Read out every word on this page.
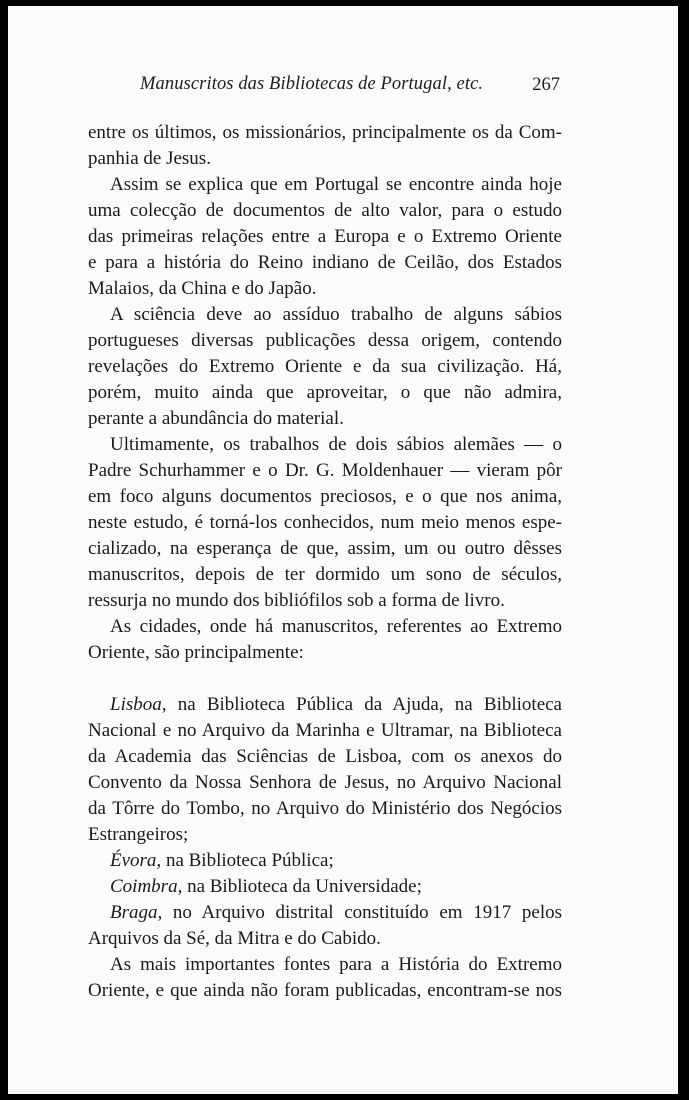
Manuscritos das Bibliotecas de Portugal, etc.	267
entre os últimos, os missionários, principalmente os da Com-
panhia de Jesus.
Assim se explica que em Portugal se encontre ainda hoje
uma colecção de documentos de alto valor, para o estudo
das primeiras relações entre a Europa e o Extremo Oriente
e para a história do Reino indiano de Ceilão, dos Estados
Malaios, da China e do Japão.
A sciência deve ao assíduo trabalho de alguns sábios
portugueses diversas publicações dessa origem, contendo
revelações do Extremo Oriente e da sua civilização. Há,
porém, muito ainda que aproveitar, o que não admira,
perante a abundância do material.
Ultimamente, os trabalhos de dois sábios alemães — o
Padre Schurhammer e o Dr. G. Moldenhauer — vieram pôr
em foco alguns documentos preciosos, e o que nos anima,
neste estudo, é torná-los conhecidos, num meio menos espe-
cializado, na esperança de que, assim, um ou outro dêsses
manuscritos, depois de ter dormido um sono de séculos,
ressurja no mundo dos bibliófilos sob a forma de livro.
As cidades, onde há manuscritos, referentes ao Extremo
Oriente, são principalmente:
Lisboa, na Biblioteca Pública da Ajuda, na Biblioteca
Nacional e no Arquivo da Marinha e Ultramar, na Biblioteca
da Academia das Sciências de Lisboa, com os anexos do
Convento da Nossa Senhora de Jesus, no Arquivo Nacional
da Tôrre do Tombo, no Arquivo do Ministério dos Negócios
Estrangeiros;
Évora, na Biblioteca Pública;
Coimbra, na Biblioteca da Universidade;
Braga, no Arquivo distrital constituído em 1917 pelos
Arquivos da Sé, da Mitra e do Cabido.
As mais importantes fontes para a História do Extremo
Oriente, e que ainda não foram publicadas, encontram-se nos
